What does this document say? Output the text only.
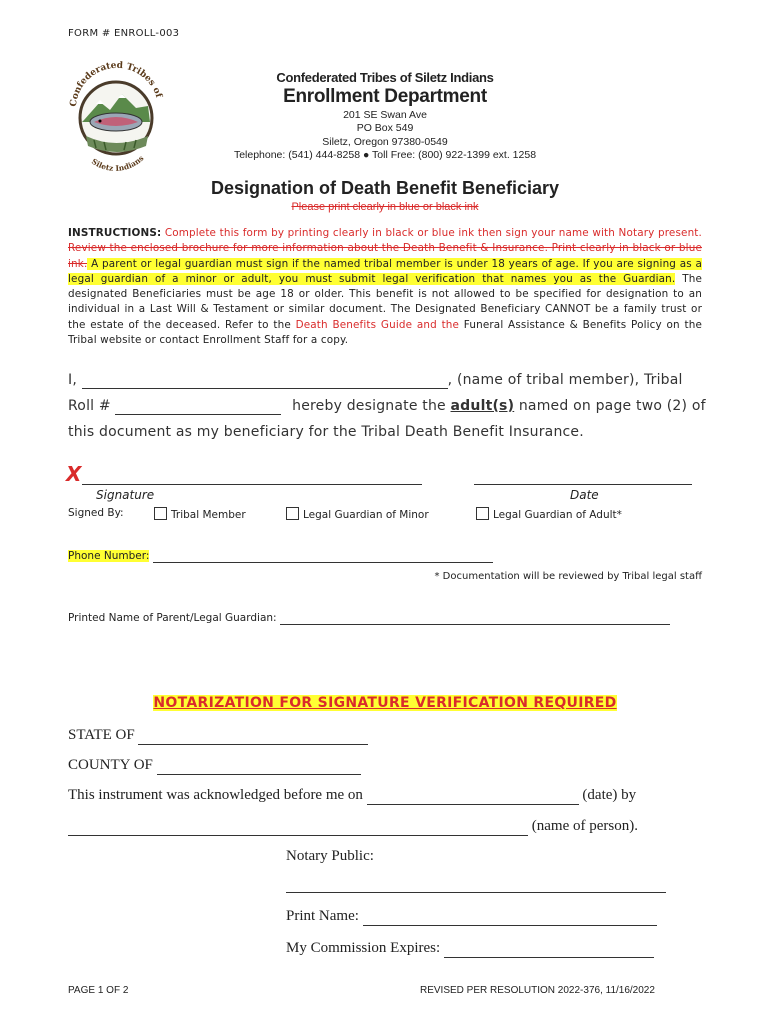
FORM # ENROLL-003
Confederated Tribes of
Siletz Indians
Confederated Tribes of Siletz Indians
Enrollment Department
201 SE Swan Ave
PO Box 549
Siletz, Oregon 97380-0549
Telephone: (541) 444-8258 ● Toll Free: (800) 922-1399 ext. 1258
Designation of Death Benefit Beneficiary
Please print clearly in blue or black ink
INSTRUCTIONS: Complete this form by printing clearly in black or blue ink then sign your name with Notary present. Review the enclosed brochure for more information about the Death Benefit & Insurance. Print clearly in black or blue ink. A parent or legal guardian must sign if the named tribal member is under 18 years of age. If you are signing as a legal guardian of a minor or adult, you must submit legal verification that names you as the Guardian. The designated Beneficiaries must be age 18 or older. This benefit is not allowed to be specified for designation to an individual in a Last Will & Testament or similar document. The Designated Beneficiary CANNOT be a family trust or the estate of the deceased. Refer to the Death Benefits Guide and the Funeral Assistance & Benefits Policy on the Tribal website or contact Enrollment Staff for a copy.
I,	, (name of tribal member), Tribal
Roll #	hereby designate the adult(s) named on page two (2) of
this document as my beneficiary for the Tribal Death Benefit Insurance.
X
Signature	Date
Signed By:	Tribal Member	Legal Guardian of Minor	Legal Guardian of Adult*
Phone Number:
* Documentation will be reviewed by Tribal legal staff
Printed Name of Parent/Legal Guardian:
NOTARIZATION FOR SIGNATURE VERIFICATION REQUIRED
STATE OF
COUNTY OF
This instrument was acknowledged before me on	(date) by
(name of person).
Notary Public:
Print Name:
My Commission Expires:
PAGE 1 OF 2	REVISED PER RESOLUTION 2022-376, 11/16/2022
